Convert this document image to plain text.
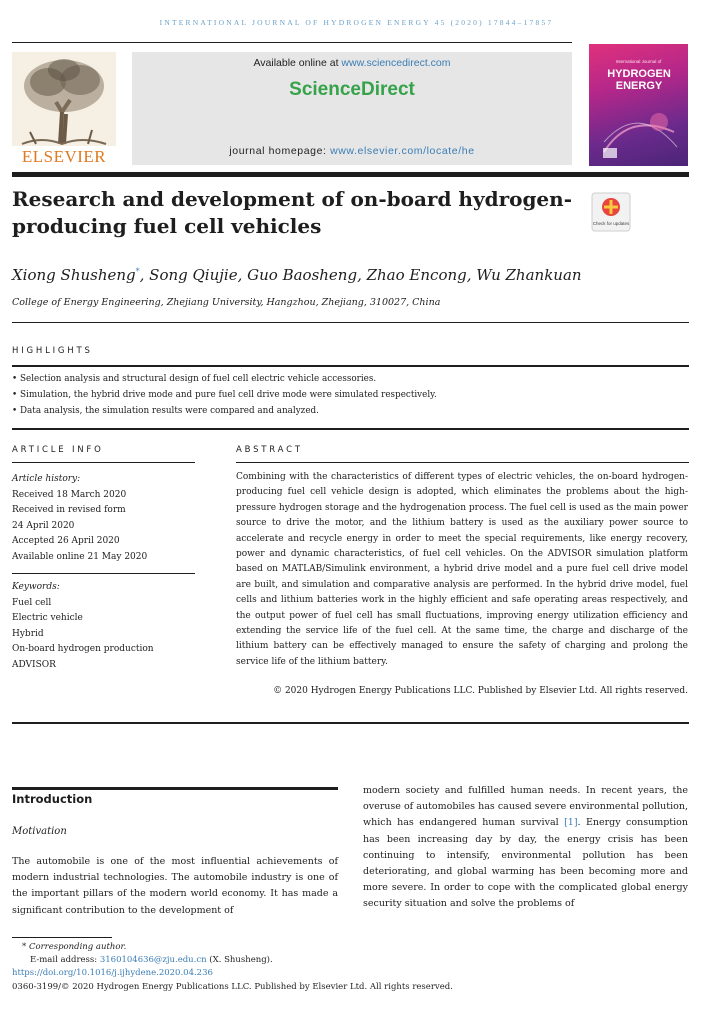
INTERNATIONAL JOURNAL OF HYDROGEN ENERGY 45 (2020) 17844–17857
ELSEVIER
Available online at www.sciencedirect.com
ScienceDirect
journal homepage: www.elsevier.com/locate/he
International Journal of
HYDROGEN
ENERGY
Research and development of on-board hydrogen-
producing fuel cell vehicles	Check for updates
Xiong Shusheng*, Song Qiujie, Guo Baosheng, Zhao Encong, Wu Zhankuan
College of Energy Engineering, Zhejiang University, Hangzhou, Zhejiang, 310027, China
HIGHLIGHTS
• Selection analysis and structural design of fuel cell electric vehicle accessories.
• Simulation, the hybrid drive mode and pure fuel cell drive mode were simulated respectively.
• Data analysis, the simulation results were compared and analyzed.
ARTICLE INFO
Article history:
Received 18 March 2020
Received in revised form
24 April 2020
Accepted 26 April 2020
Available online 21 May 2020
Keywords:
Fuel cell
Electric vehicle
Hybrid
On-board hydrogen production
ADVISOR
ABSTRACT
Combining with the characteristics of different types of electric vehicles, the on-board hydrogen-producing fuel cell vehicle design is adopted, which eliminates the problems about the high-pressure hydrogen storage and the hydrogenation process. The fuel cell is used as the main power source to drive the motor, and the lithium battery is used as the auxiliary power source to accelerate and recycle energy in order to meet the special requirements, like energy recovery, power and dynamic characteristics, of fuel cell vehicles. On the ADVISOR simulation platform based on MATLAB/Simulink environment, a hybrid drive model and a pure fuel cell drive model are built, and simulation and comparative analysis are performed. In the hybrid drive model, fuel cells and lithium batteries work in the highly efficient and safe operating areas respectively, and the output power of fuel cell has small fluctuations, improving energy utilization efficiency and extending the service life of the fuel cell. At the same time, the charge and discharge of the lithium battery can be effectively managed to ensure the safety of charging and prolong the service life of the lithium battery.
© 2020 Hydrogen Energy Publications LLC. Published by Elsevier Ltd. All rights reserved.
Introduction
Motivation
The automobile is one of the most influential achievements of modern industrial technologies. The automobile industry is one of the important pillars of the modern world economy. It has made a significant contribution to the development of
modern society and fulfilled human needs. In recent years, the overuse of automobiles has caused severe environmental pollution, which has endangered human survival [1]. Energy consumption has been increasing day by day, the energy crisis has been continuing to intensify, environmental pollution has been deteriorating, and global warming has been becoming more and more severe. In order to cope with the complicated global energy security situation and solve the problems of
* Corresponding author.
E-mail address: 3160104636@zju.edu.cn (X. Shusheng).
https://doi.org/10.1016/j.ijhydene.2020.04.236
0360-3199/© 2020 Hydrogen Energy Publications LLC. Published by Elsevier Ltd. All rights reserved.
